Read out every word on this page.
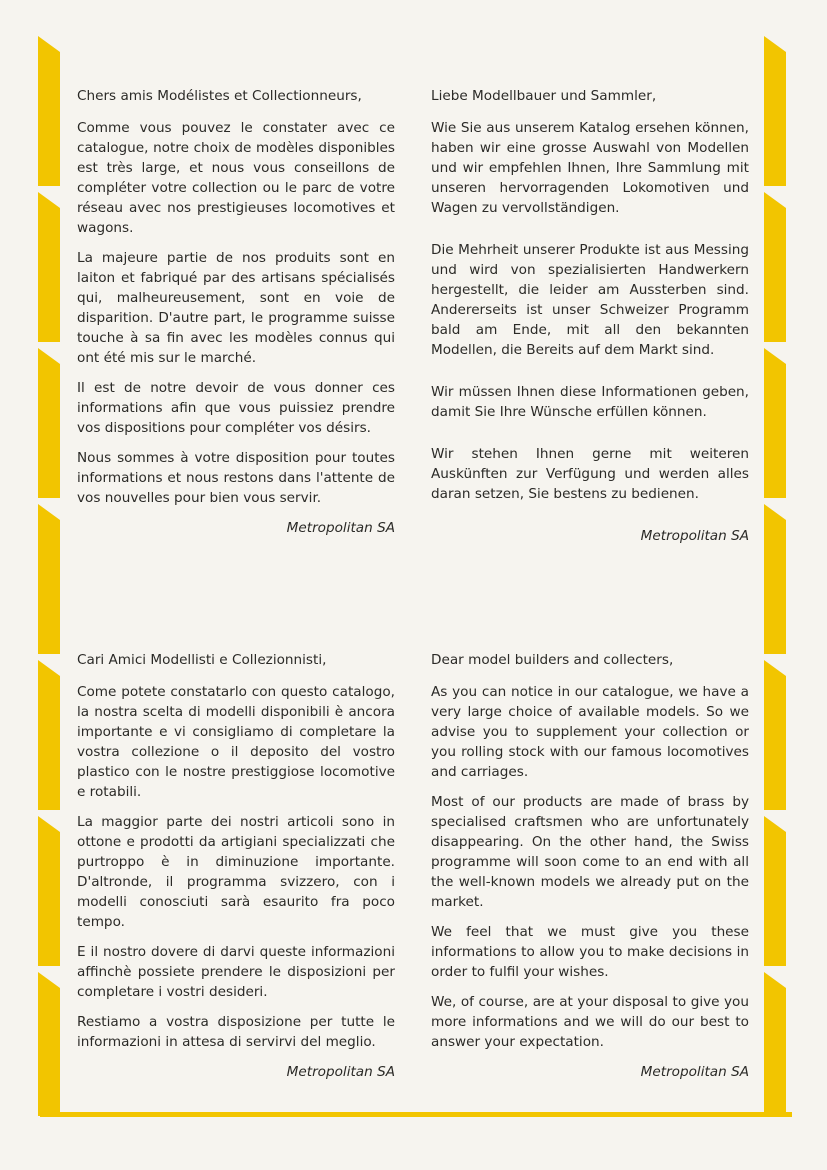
Chers amis Modélistes et Collectionneurs,

Comme vous pouvez le constater avec ce catalogue, notre choix de modèles disponibles est très large, et nous vous conseillons de compléter votre collection ou le parc de votre réseau avec nos prestigieuses locomotives et wagons.

La majeure partie de nos produits sont en laiton et fabriqué par des artisans spécialisés qui, malheureusement, sont en voie de disparition. D'autre part, le programme suisse touche à sa fin avec les modèles connus qui ont été mis sur le marché.

Il est de notre devoir de vous donner ces informations afin que vous puissiez prendre vos dispositions pour compléter vos désirs.

Nous sommes à votre disposition pour toutes informations et nous restons dans l'attente de vos nouvelles pour bien vous servir.

Metropolitan SA

Liebe Modellbauer und Sammler,

Wie Sie aus unserem Katalog ersehen können, haben wir eine grosse Auswahl von Modellen und wir empfehlen Ihnen, Ihre Sammlung mit unseren hervorragenden Lokomotiven und Wagen zu vervollständigen.

Die Mehrheit unserer Produkte ist aus Messing und wird von spezialisierten Handwerkern hergestellt, die leider am Aussterben sind. Andererseits ist unser Schweizer Programm bald am Ende, mit all den bekannten Modellen, die Bereits auf dem Markt sind.

Wir müssen Ihnen diese Informationen geben, damit Sie Ihre Wünsche erfüllen können.

Wir stehen Ihnen gerne mit weiteren Auskünften zur Verfügung und werden alles daran setzen, Sie bestens zu bedienen.

Metropolitan SA

Cari Amici Modellisti e Collezionnisti,

Come potete constatarlo con questo catalogo, la nostra scelta di modelli disponibili è ancora importante e vi consigliamo di completare la vostra collezione o il deposito del vostro plastico con le nostre prestiggiose locomotive e rotabili.

La maggior parte dei nostri articoli sono in ottone e prodotti da artigiani specializzati che purtroppo è in diminuzione importante. D'altronde, il programma svizzero, con i modelli conosciuti sarà esaurito fra poco tempo.

E il nostro dovere di darvi queste informazioni affinchè possiete prendere le disposizioni per completare i vostri desideri.

Restiamo a vostra disposizione per tutte le informazioni in attesa di servirvi del meglio.

Metropolitan SA

Dear model builders and collecters,

As you can notice in our catalogue, we have a very large choice of available models. So we advise you to supplement your collection or you rolling stock with our famous locomotives and carriages.

Most of our products are made of brass by specialised craftsmen who are unfortunately disappearing. On the other hand, the Swiss programme will soon come to an end with all the well-known models we already put on the market.

We feel that we must give you these informations to allow you to make decisions in order to fulfil your wishes.

We, of course, are at your disposal to give you more informations and we will do our best to answer your expectation.

Metropolitan SA
